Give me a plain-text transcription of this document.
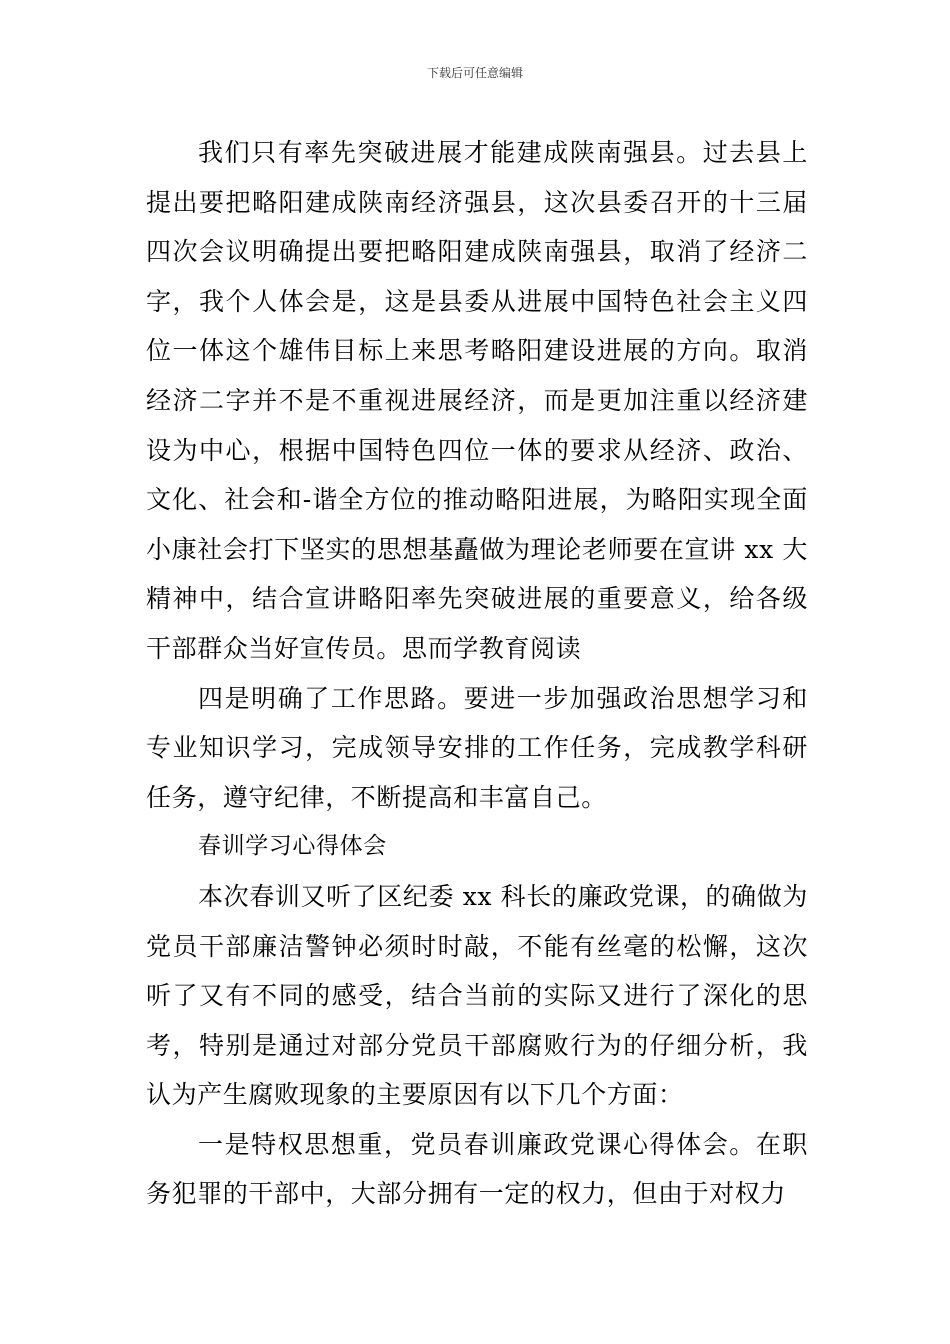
下载后可任意编辑

我们只有率先突破进展才能建成陕南强县。过去县上提出要把略阳建成陕南经济强县，这次县委召开的十三届四次会议明确提出要把略阳建成陕南强县，取消了经济二字，我个人体会是，这是县委从进展中国特色社会主义四位一体这个雄伟目标上来思考略阳建设进展的方向。取消经济二字并不是不重视进展经济，而是更加注重以经济建设为中心，根据中国特色四位一体的要求从经济、政治、文化、社会和-谐全方位的推动略阳进展，为略阳实现全面小康社会打下坚实的思想基矗做为理论老师要在宣讲 xx 大精神中，结合宣讲略阳率先突破进展的重要意义，给各级干部群众当好宣传员。思而学教育阅读

四是明确了工作思路。要进一步加强政治思想学习和专业知识学习，完成领导安排的工作任务，完成教学科研任务，遵守纪律，不断提高和丰富自己。

春训学习心得体会

本次春训又听了区纪委 xx 科长的廉政党课，的确做为党员干部廉洁警钟必须时时敲，不能有丝毫的松懈，这次听了又有不同的感受，结合当前的实际又进行了深化的思考，特别是通过对部分党员干部腐败行为的仔细分析，我认为产生腐败现象的主要原因有以下几个方面：

一是特权思想重，党员春训廉政党课心得体会。在职务犯罪的干部中，大部分拥有一定的权力，但由于对权力
